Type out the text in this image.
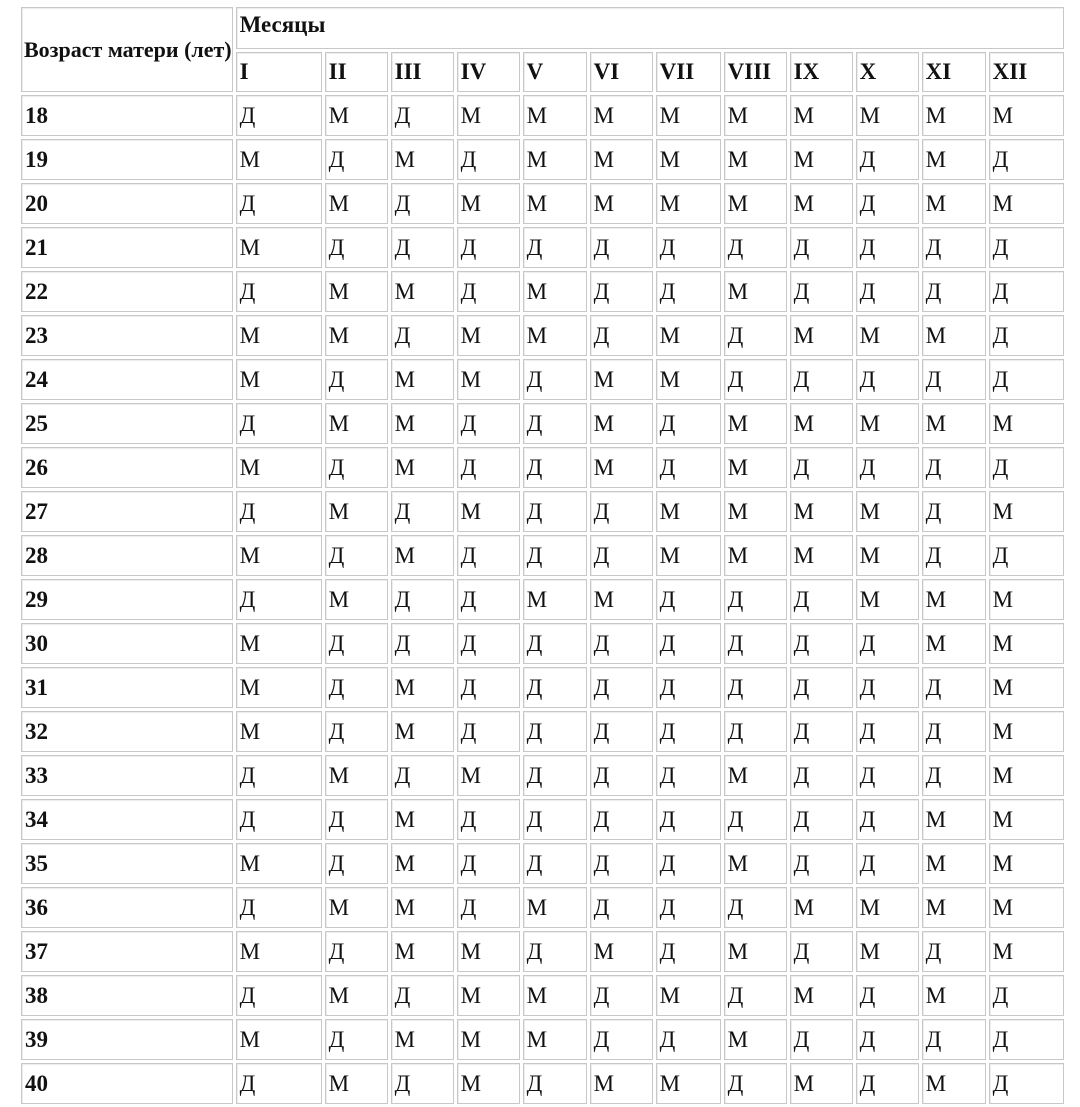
Возраст матери (лет)	Месяцы											
	I	II	III	IV	V	VI	VII	VIII	IX	X	XI	XII
18	Д	М	Д	М	М	М	М	М	М	М	М	М
19	М	Д	М	Д	М	М	М	М	М	Д	М	Д
20	Д	М	Д	М	М	М	М	М	М	Д	М	М
21	М	Д	Д	Д	Д	Д	Д	Д	Д	Д	Д	Д
22	Д	М	М	Д	М	Д	Д	М	Д	Д	Д	Д
23	М	М	Д	М	М	Д	М	Д	М	М	М	Д
24	М	Д	М	М	Д	М	М	Д	Д	Д	Д	Д
25	Д	М	М	Д	Д	М	Д	М	М	М	М	М
26	М	Д	М	Д	Д	М	Д	М	Д	Д	Д	Д
27	Д	М	Д	М	Д	Д	М	М	М	М	Д	М
28	М	Д	М	Д	Д	Д	М	М	М	М	Д	Д
29	Д	М	Д	Д	М	М	Д	Д	Д	М	М	М
30	М	Д	Д	Д	Д	Д	Д	Д	Д	Д	М	М
31	М	Д	М	Д	Д	Д	Д	Д	Д	Д	Д	М
32	М	Д	М	Д	Д	Д	Д	Д	Д	Д	Д	М
33	Д	М	Д	М	Д	Д	Д	М	Д	Д	Д	М
34	Д	Д	М	Д	Д	Д	Д	Д	Д	Д	М	М
35	М	Д	М	Д	Д	Д	Д	М	Д	Д	М	М
36	Д	М	М	Д	М	Д	Д	Д	М	М	М	М
37	М	Д	М	М	Д	М	Д	М	Д	М	Д	М
38	Д	М	Д	М	М	Д	М	Д	М	Д	М	Д
39	М	Д	М	М	М	Д	Д	М	Д	Д	Д	Д
40	Д	М	Д	М	Д	М	М	Д	М	Д	М	Д
